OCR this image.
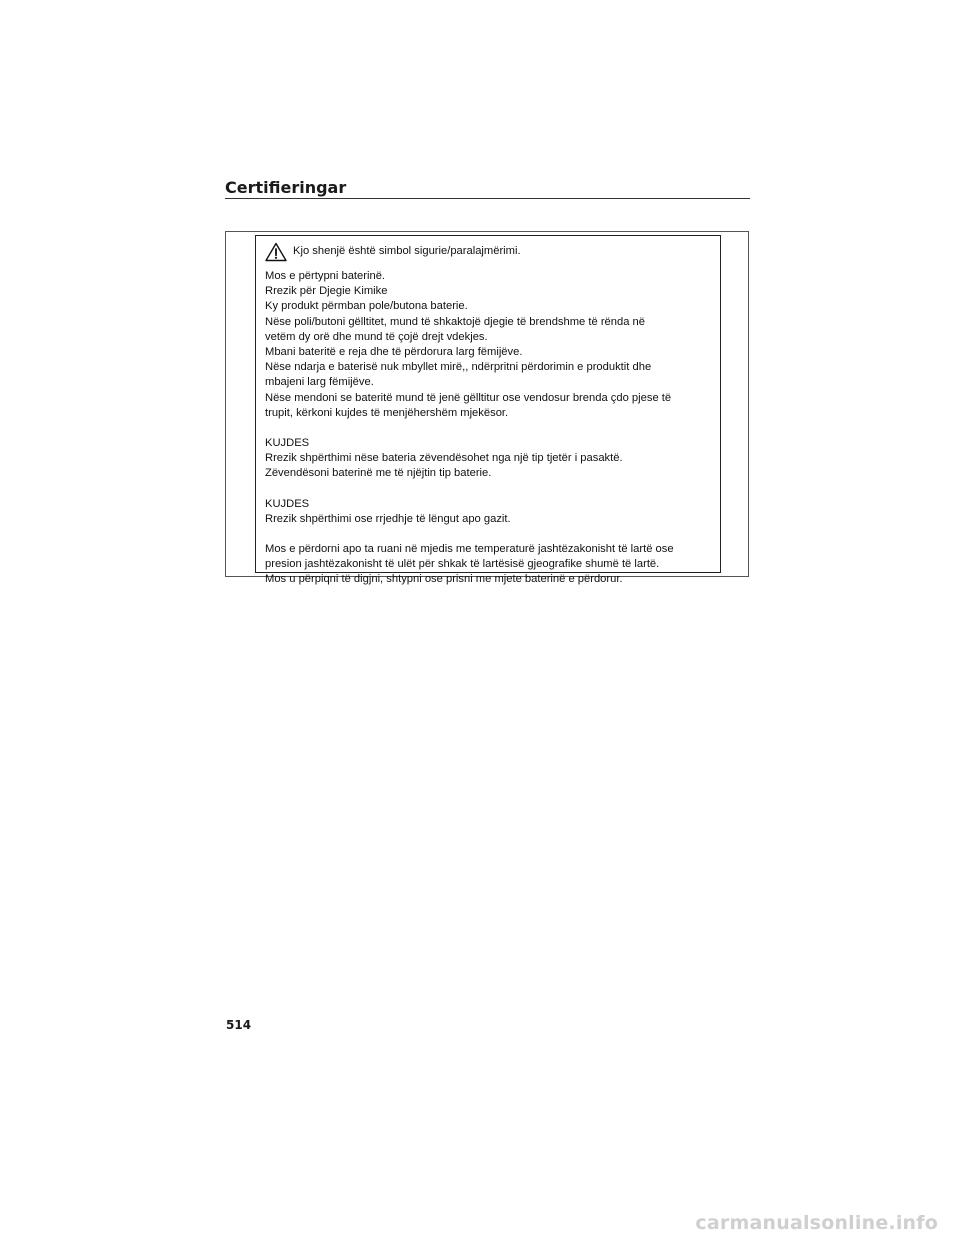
Certifieringar
Kjo shenjë është simbol sigurie/paralajmërimi.

Mos e përtypni baterinë.
Rrezik për Djegie Kimike
Ky produkt përmban pole/butona baterie.
Nëse poli/butoni gëlltitet, mund të shkaktojë djegie të brendshme të rënda në
vetëm dy orë dhe mund të çojë drejt vdekjes.
Mbani bateritë e reja dhe të përdorura larg fëmijëve.
Nëse ndarja e baterisë nuk mbyllet mirë,, ndërpritni përdorimin e produktit dhe
mbajeni larg fëmijëve.
Nëse mendoni se bateritë mund të jenë gëlltitur ose vendosur brenda çdo pjese të
trupit, kërkoni kujdes të menjëhershëm mjekësor.

KUJDES
Rrezik shpërthimi nëse bateria zëvendësohet nga një tip tjetër i pasaktë.
Zëvendësoni baterinë me të njëjtin tip baterie.

KUJDES
Rrezik shpërthimi ose rrjedhje të lëngut apo gazit.

Mos e përdorni apo ta ruani në mjedis me temperaturë jashtëzakonisht të lartë ose
presion jashtëzakonisht të ulët për shkak të lartësisë gjeografike shumë të lartë.
Mos u përpiqni të digjni, shtypni ose prisni me mjete baterinë e përdorur.

514
carmanualsonline.info
